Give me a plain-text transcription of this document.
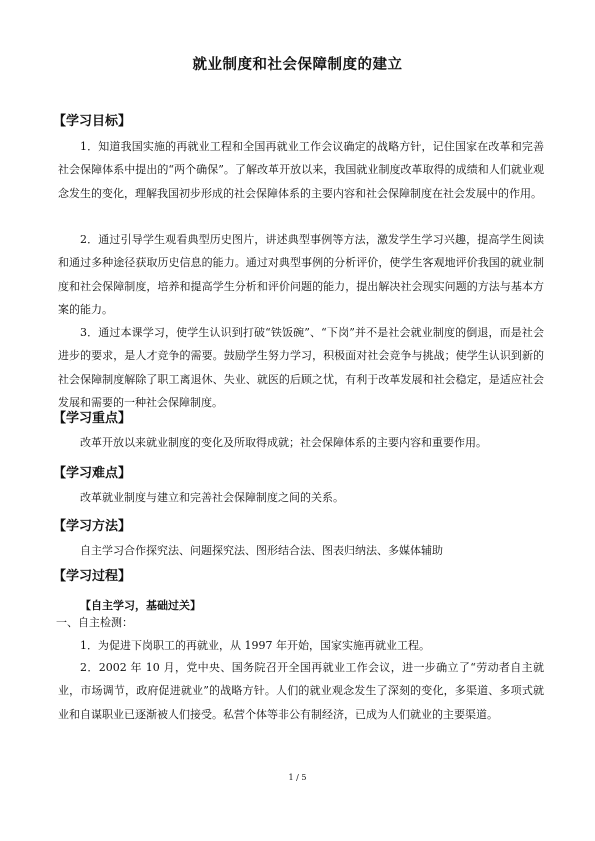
就业制度和社会保障制度的建立
【学习目标】

1．知道我国实施的再就业工程和全国再就业工作会议确定的战略方针，记住国家在改革和完善社会保障体系中提出的“两个确保”。了解改革开放以来，我国就业制度改革取得的成绩和人们就业观念发生的变化，理解我国初步形成的社会保障体系的主要内容和社会保障制度在社会发展中的作用。

2．通过引导学生观看典型历史图片，讲述典型事例等方法，激发学生学习兴趣，提高学生阅读和通过多种途径获取历史信息的能力。通过对典型事例的分析评价，使学生客观地评价我国的就业制度和社会保障制度，培养和提高学生分析和评价问题的能力，提出解决社会现实问题的方法与基本方案的能力。

3．通过本课学习，使学生认识到打破“铁饭碗”、“下岗”并不是社会就业制度的倒退，而是社会进步的要求，是人才竞争的需要。鼓励学生努力学习，积极面对社会竞争与挑战；使学生认识到新的社会保障制度解除了职工离退休、失业、就医的后顾之忧，有利于改革发展和社会稳定，是适应社会发展和需要的一种社会保障制度。

【学习重点】

改革开放以来就业制度的变化及所取得成就；社会保障体系的主要内容和重要作用。

【学习难点】

改革就业制度与建立和完善社会保障制度之间的关系。

【学习方法】

自主学习合作探究法、问题探究法、图形结合法、图表归纳法、多媒体辅助

【学习过程】
【自主学习，基础过关】

一、自主检测：

1．为促进下岗职工的再就业，从 1997 年开始，国家实施再就业工程。

2．2002 年 10 月，党中央、国务院召开全国再就业工作会议，进一步确立了“劳动者自主就业，市场调节，政府促进就业”的战略方针。人们的就业观念发生了深刻的变化，多渠道、多项式就业和自谋职业已逐渐被人们接受。私营个体等非公有制经济，已成为人们就业的主要渠道。

1 / 5
